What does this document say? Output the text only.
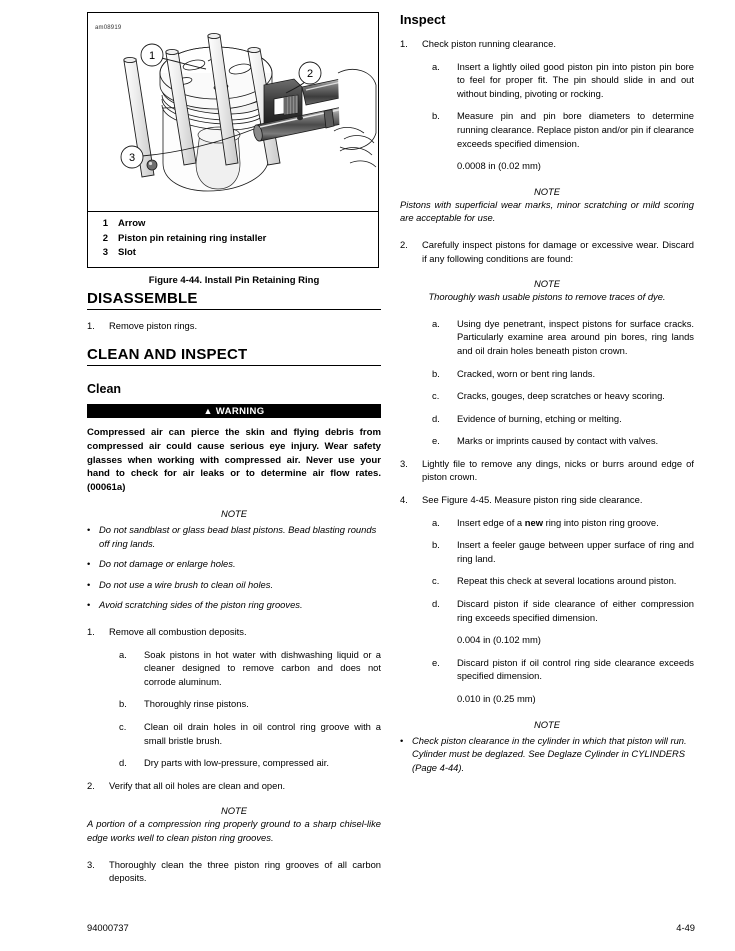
am08919
1
2
3
1	Arrow
2	Piston pin retaining ring installer
3	Slot
Figure 4-44. Install Pin Retaining Ring
DISASSEMBLE
1.	Remove piston rings.
CLEAN AND INSPECT
Clean
▲ WARNING

Compressed air can pierce the skin and flying debris from compressed air could cause serious eye injury. Wear safety glasses when working with compressed air. Never use your hand to check for air leaks or to determine air flow rates. (00061a)

NOTE
• Do not sandblast or glass bead blast pistons. Bead blasting rounds off ring lands.
• Do not damage or enlarge holes.
• Do not use a wire brush to clean oil holes.
• Avoid scratching sides of the piston ring grooves.
1.	Remove all combustion deposits.
a.	Soak pistons in hot water with dishwashing liquid or a cleaner designed to remove carbon and does not corrode aluminum.
b.	Thoroughly rinse pistons.
c.	Clean oil drain holes in oil control ring groove with a small bristle brush.
d.	Dry parts with low-pressure, compressed air.
2.	Verify that all oil holes are clean and open.
NOTE

A portion of a compression ring properly ground to a sharp chisel-like edge works well to clean piston ring grooves.

3.	Thoroughly clean the three piston ring grooves of all carbon deposits.
Inspect
1.	Check piston running clearance.
a.	Insert a lightly oiled good piston pin into piston pin bore to feel for proper fit. The pin should slide in and out without binding, pivoting or rocking.
b.	Measure pin and pin bore diameters to determine running clearance. Replace piston and/or pin if clearance exceeds specified dimension.
0.0008 in (0.02 mm)
NOTE

Pistons with superficial wear marks, minor scratching or mild scoring are acceptable for use.

2.	Carefully inspect pistons for damage or excessive wear. Discard if any following conditions are found:
NOTE

Thoroughly wash usable pistons to remove traces of dye.

a.	Using dye penetrant, inspect pistons for surface cracks. Particularly examine area around pin bores, ring lands and oil drain holes beneath piston crown.
b.	Cracked, worn or bent ring lands.
c.	Cracks, gouges, deep scratches or heavy scoring.
d.	Evidence of burning, etching or melting.
e.	Marks or imprints caused by contact with valves.
3.	Lightly file to remove any dings, nicks or burrs around edge of piston crown.
4.	See Figure 4-45. Measure piston ring side clearance.
a.	Insert edge of a new ring into piston ring groove.
b.	Insert a feeler gauge between upper surface of ring and ring land.
c.	Repeat this check at several locations around piston.
d.	Discard piston if side clearance of either compression ring exceeds specified dimension.
0.004 in (0.102 mm)
e.	Discard piston if oil control ring side clearance exceeds specified dimension.
0.010 in (0.25 mm)
NOTE
• Check piston clearance in the cylinder in which that piston will run. Cylinder must be deglazed. See Deglaze Cylinder in CYLINDERS (Page 4-44).
94000737	4-49
